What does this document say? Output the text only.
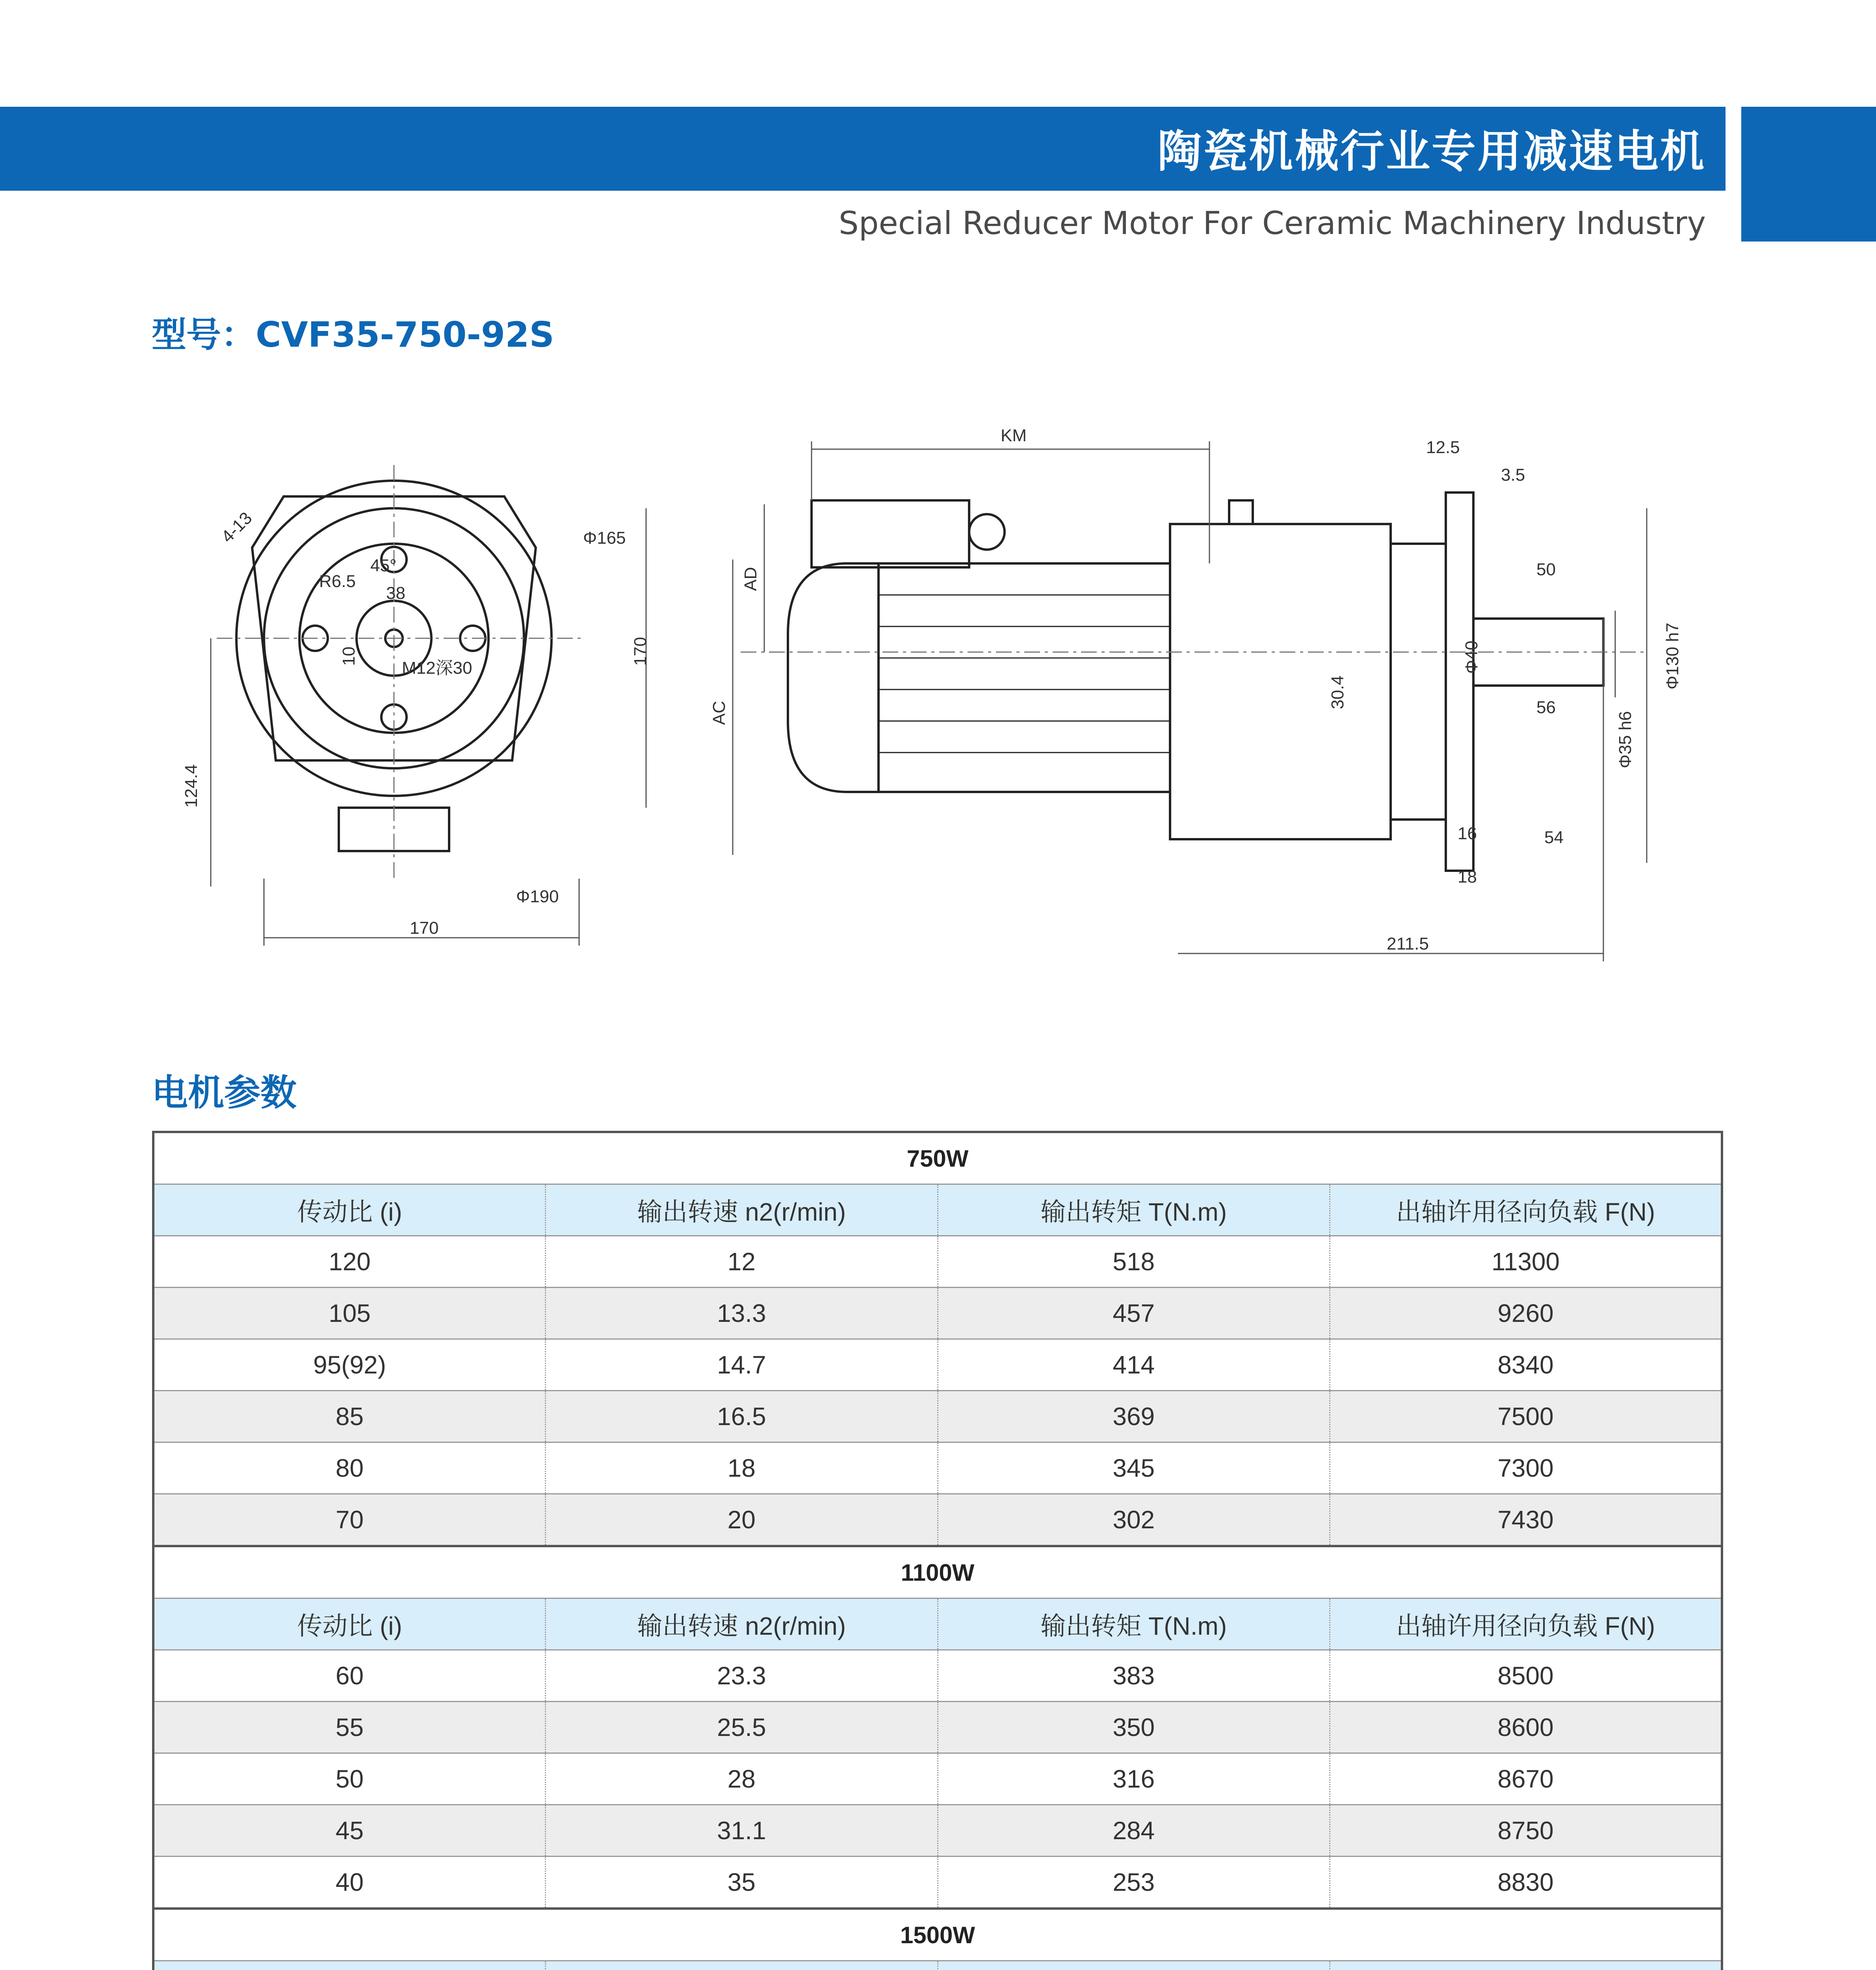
陶瓷机械行业专用减速电机
Special Reducer Motor For Ceramic Machinery Industry
型号：CVF35-750-92S
4-13	Φ165
R6.5
45°
38
10
M12深30
170
124.4
Φ190
170
KM
AD
AC
12.5
3.5
50
Φ40
30.4	56
Φ35 h6
Φ130 h7
16	54
18
211.5
电机参数
750W			
传动比 (i)	输出转速 n2(r/min)	输出转矩 T(N.m)	出轴许用径向负载 F(N)
120	12	518	11300
105	13.3	457	9260
95(92)	14.7	414	8340
85	16.5	369	7500
80	18	345	7300
70	20	302	7430
1100W			
传动比 (i)	输出转速 n2(r/min)	输出转矩 T(N.m)	出轴许用径向负载 F(N)
60	23.3	383	8500
55	25.5	350	8600
50	28	316	8670
45	31.1	284	8750
40	35	253	8830
1500W			
